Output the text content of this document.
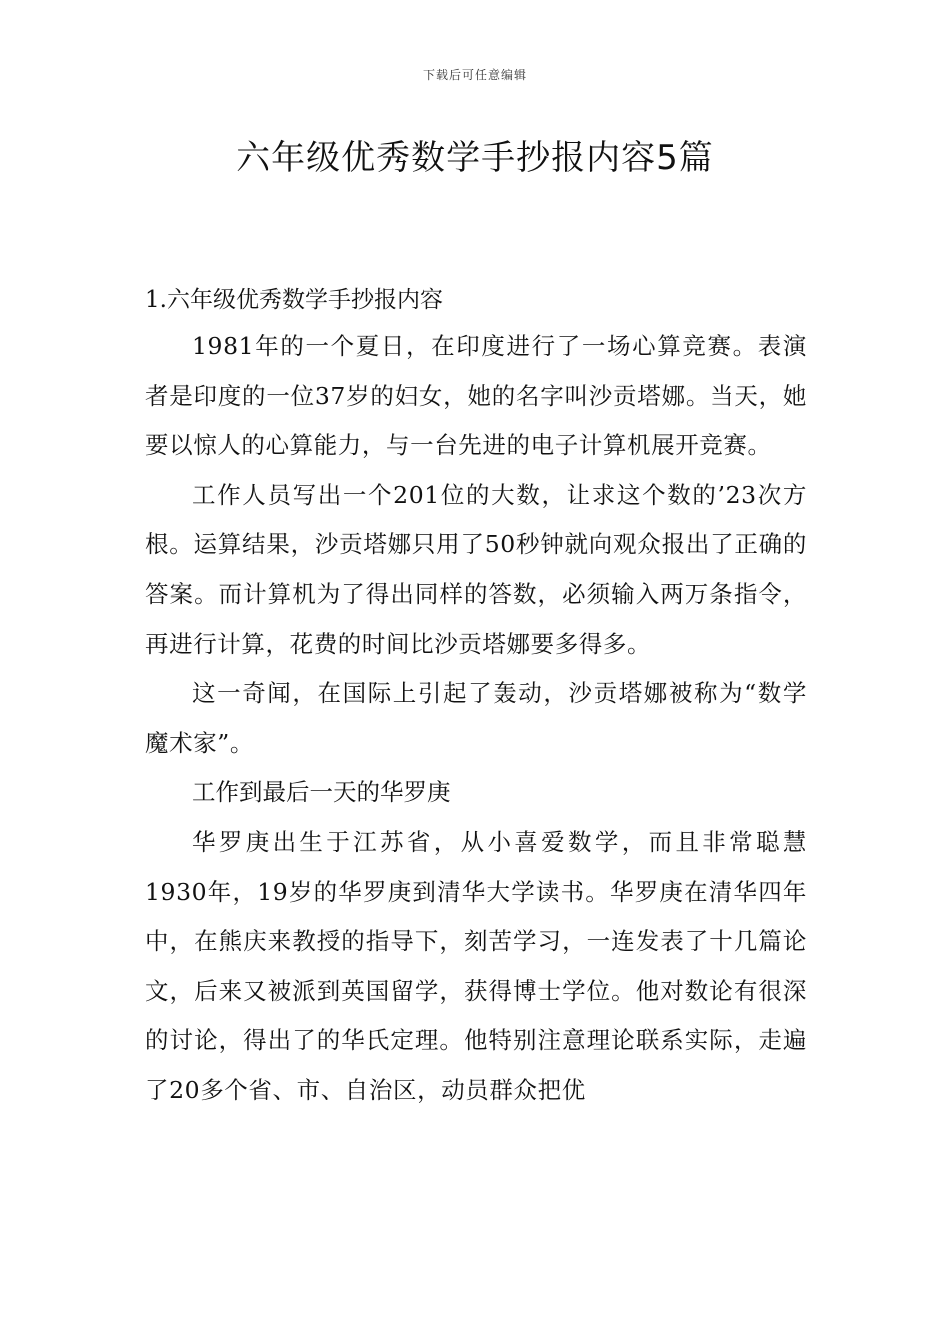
下载后可任意编辑
六年级优秀数学手抄报内容5篇

1.六年级优秀数学手抄报内容

1981年的一个夏日，在印度进行了一场心算竞赛。表演者是印度的一位37岁的妇女，她的名字叫沙贡塔娜。当天，她要以惊人的心算能力，与一台先进的电子计算机展开竞赛。

工作人员写出一个201位的大数，让求这个数的’23次方根。运算结果，沙贡塔娜只用了50秒钟就向观众报出了正确的答案。而计算机为了得出同样的答数，必须输入两万条指令，再进行计算，花费的时间比沙贡塔娜要多得多。

这一奇闻，在国际上引起了轰动，沙贡塔娜被称为“数学魔术家”。

工作到最后一天的华罗庚

华罗庚出生于江苏省，从小喜爱数学，而且非常聪慧1930年，19岁的华罗庚到清华大学读书。华罗庚在清华四年中，在熊庆来教授的指导下，刻苦学习，一连发表了十几篇论文，后来又被派到英国留学，获得博士学位。他对数论有很深的讨论，得出了的华氏定理。他特别注意理论联系实际，走遍了20多个省、市、自治区，动员群众把优
